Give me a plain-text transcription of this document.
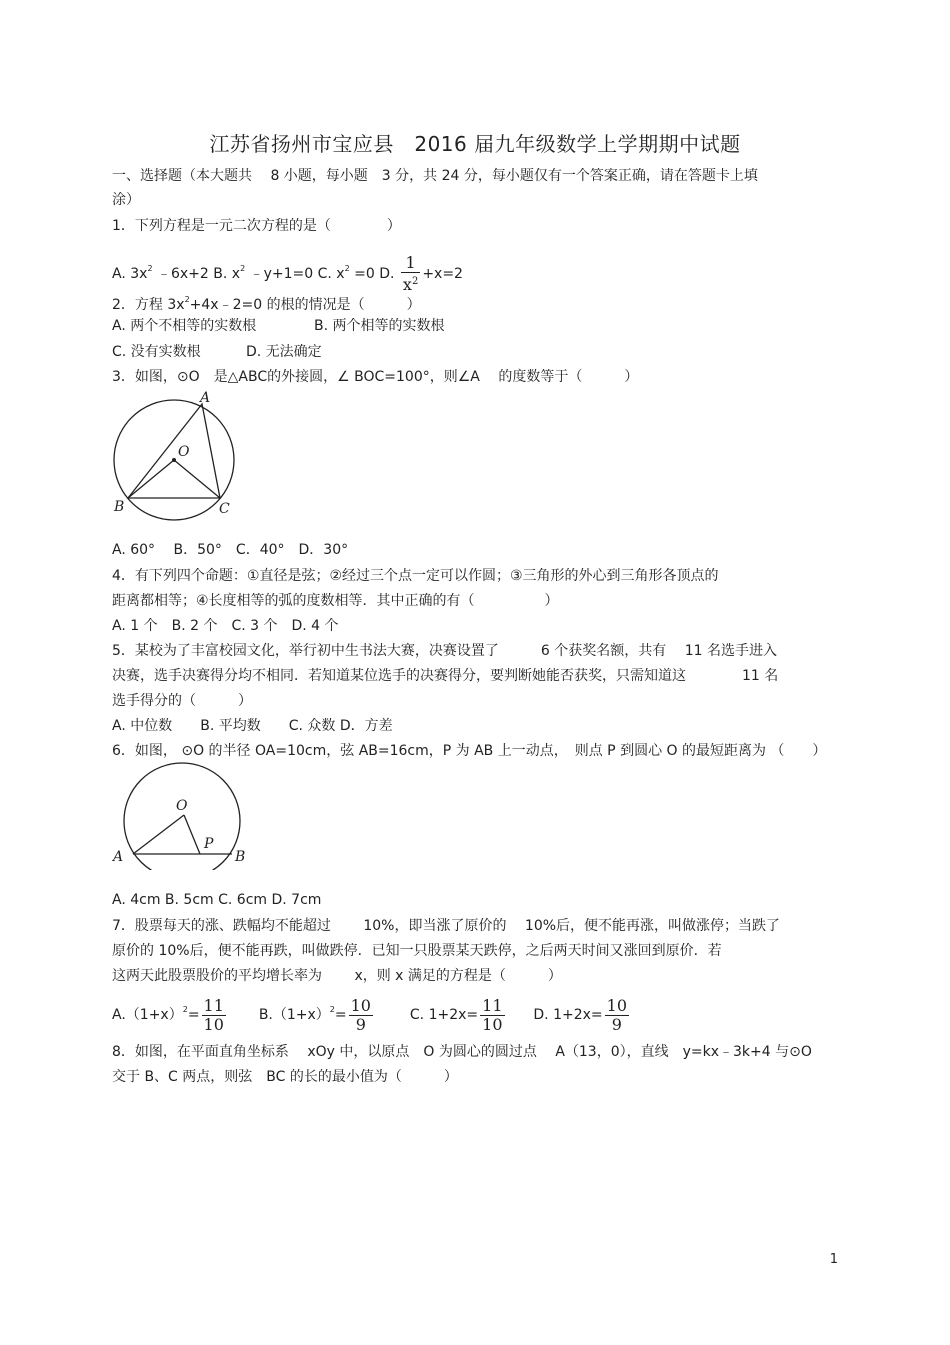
江苏省扬州市宝应县　2016 届九年级数学上学期期中试题
一、选择题（本大题共　 8 小题，每小题　3 分，共 24 分，每小题仅有一个答案正确，请在答题卡上填
涂）
1．下列方程是一元二次方程的是（　　　　）
A. $3x^2$ ﹣6x+2 B. $x^2$ ﹣y+1=0 C. $x^2 =0$ D. $\frac{1}{x^2} +x=2$
2．方程 $3x^2+4x﹣2=0$ 的根的情况是（　　　）
A. 两个不相等的实数根	B. 两个相等的实数根
C. 没有实数根	D. 无法确定
3．如图，⊙O　是△ABC的外接圆，∠ BOC=100°，则∠A　 的度数等于（　　　）
A
O
B	C
A. 60°　 B．50°　C．40°　D．30°
4．有下列四个命题：①直径是弦；②经过三个点一定可以作圆；③三角形的外心到三角形各顶点的
距离都相等；④长度相等的弧的度数相等．其中正确的有（　　　　　）
A. 1 个　B. 2 个　C. 3 个　D. 4 个
5．某校为了丰富校园文化，举行初中生书法大赛，决赛设置了　　　6 个获奖名额，共有　 11 名选手进入
决赛，选手决赛得分均不相同．若知道某位选手的决赛得分，要判断她能否获奖，只需知道这　　　　11 名
选手得分的（　　　）
A. 中位数　　B. 平均数　　C. 众数 D．方差
6．如图， ⊙O 的半径 OA=10cm，弦 AB=16cm，P 为 AB 上一动点，　则点 P 到圆心 O 的最短距离为 （　　）
O
P
A	B
A. 4cm B. 5cm C. 6cm D. 7cm
7．股票每天的涨、跌幅均不能超过　　 10%，即当涨了原价的　 10%后，便不能再涨，叫做涨停；当跌了
原价的 10%后，便不能再跌，叫做跌停．已知一只股票某天跌停，之后两天时间又涨回到原价．若
这两天此股票股价的平均增长率为　　 x，则 x 满足的方程是（　　　）
$A.(1+x)^2= \frac{11}{10} B.(1+x)^2= \frac{10}{9}$	C. $1+2x= \frac{11}{10} D$. $1+2x= \frac{10}{9}$
8．如图，在平面直角坐标系　 xOy 中，以原点　O 为圆心的圆过点　 A（13，0），直线　y=kx﹣3k+4 与⊙O
交于 B、C 两点，则弦　BC 的长的最小值为（　　　）
1
